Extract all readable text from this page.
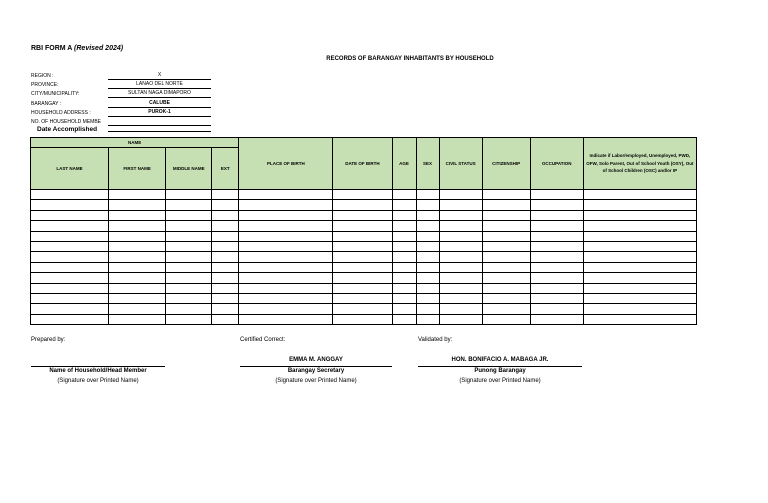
RBI FORM A (Revised 2024)
RECORDS OF BARANGAY INHABITANTS BY HOUSEHOLD
REGION :	X
PROVINCE:	LANAO DEL NORTE
CITY/MUNICIPALITY:	SULTAN NAGA DIMAPORO
BARANGAY :	CALUBE
HOUSEHOLD ADDRESS :	PUROK-1
NO. OF HOUSEHOLD MEMBE
Date Accomplished
NAME				PLACE OF BIRTH	DATE OF BIRTH	AGE	SEX	CIVIL STATUS	CITIZENSHIP	OCCUPATION	Indicate if Labor/employed, Unemployed, PWD, OFW, Solo Parent, Out of School Youth (OSY), Out of School Children (OSC) and/or IP
LAST NAME	FIRST NAME	MIDDLE NAME	EXT								

Prepared by:	Certified Correct:	Validated by:
Name of Household/Head Member
(Signature over Printed Name)
EMMA M. ANGGAY
Barangay Secretary
(Signature over Printed Name)
HON. BONIFACIO A. MABAGA JR.
Punong Barangay
(Signature over Printed Name)
